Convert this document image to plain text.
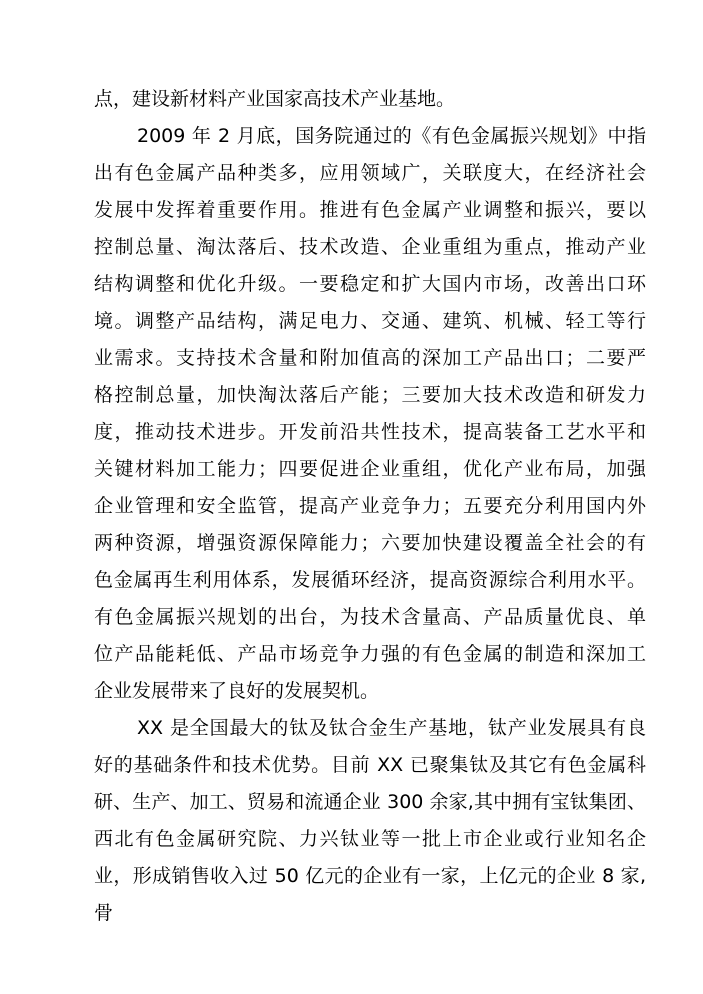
点，建设新材料产业国家高技术产业基地。
2009 年 2 月底，国务院通过的《有色金属振兴规划》中指
出有色金属产品种类多，应用领域广，关联度大，在经济社会
发展中发挥着重要作用。推进有色金属产业调整和振兴，要以
控制总量、淘汰落后、技术改造、企业重组为重点，推动产业
结构调整和优化升级。一要稳定和扩大国内市场，改善出口环
境。调整产品结构，满足电力、交通、建筑、机械、轻工等行
业需求。支持技术含量和附加值高的深加工产品出口；二要严
格控制总量，加快淘汰落后产能；三要加大技术改造和研发力
度，推动技术进步。开发前沿共性技术，提高装备工艺水平和
关键材料加工能力；四要促进企业重组，优化产业布局，加强
企业管理和安全监管，提高产业竞争力；五要充分利用国内外
两种资源，增强资源保障能力；六要加快建设覆盖全社会的有
色金属再生利用体系，发展循环经济，提高资源综合利用水平。
有色金属振兴规划的出台，为技术含量高、产品质量优良、单
位产品能耗低、产品市场竞争力强的有色金属的制造和深加工
企业发展带来了良好的发展契机。
XX 是全国最大的钛及钛合金生产基地，钛产业发展具有良
好的基础条件和技术优势。目前 XX 已聚集钛及其它有色金属科
研、生产、加工、贸易和流通企业 300 余家,其中拥有宝钛集团、
西北有色金属研究院、力兴钛业等一批上市企业或行业知名企
业，形成销售收入过 50 亿元的企业有一家，上亿元的企业 8 家,骨
